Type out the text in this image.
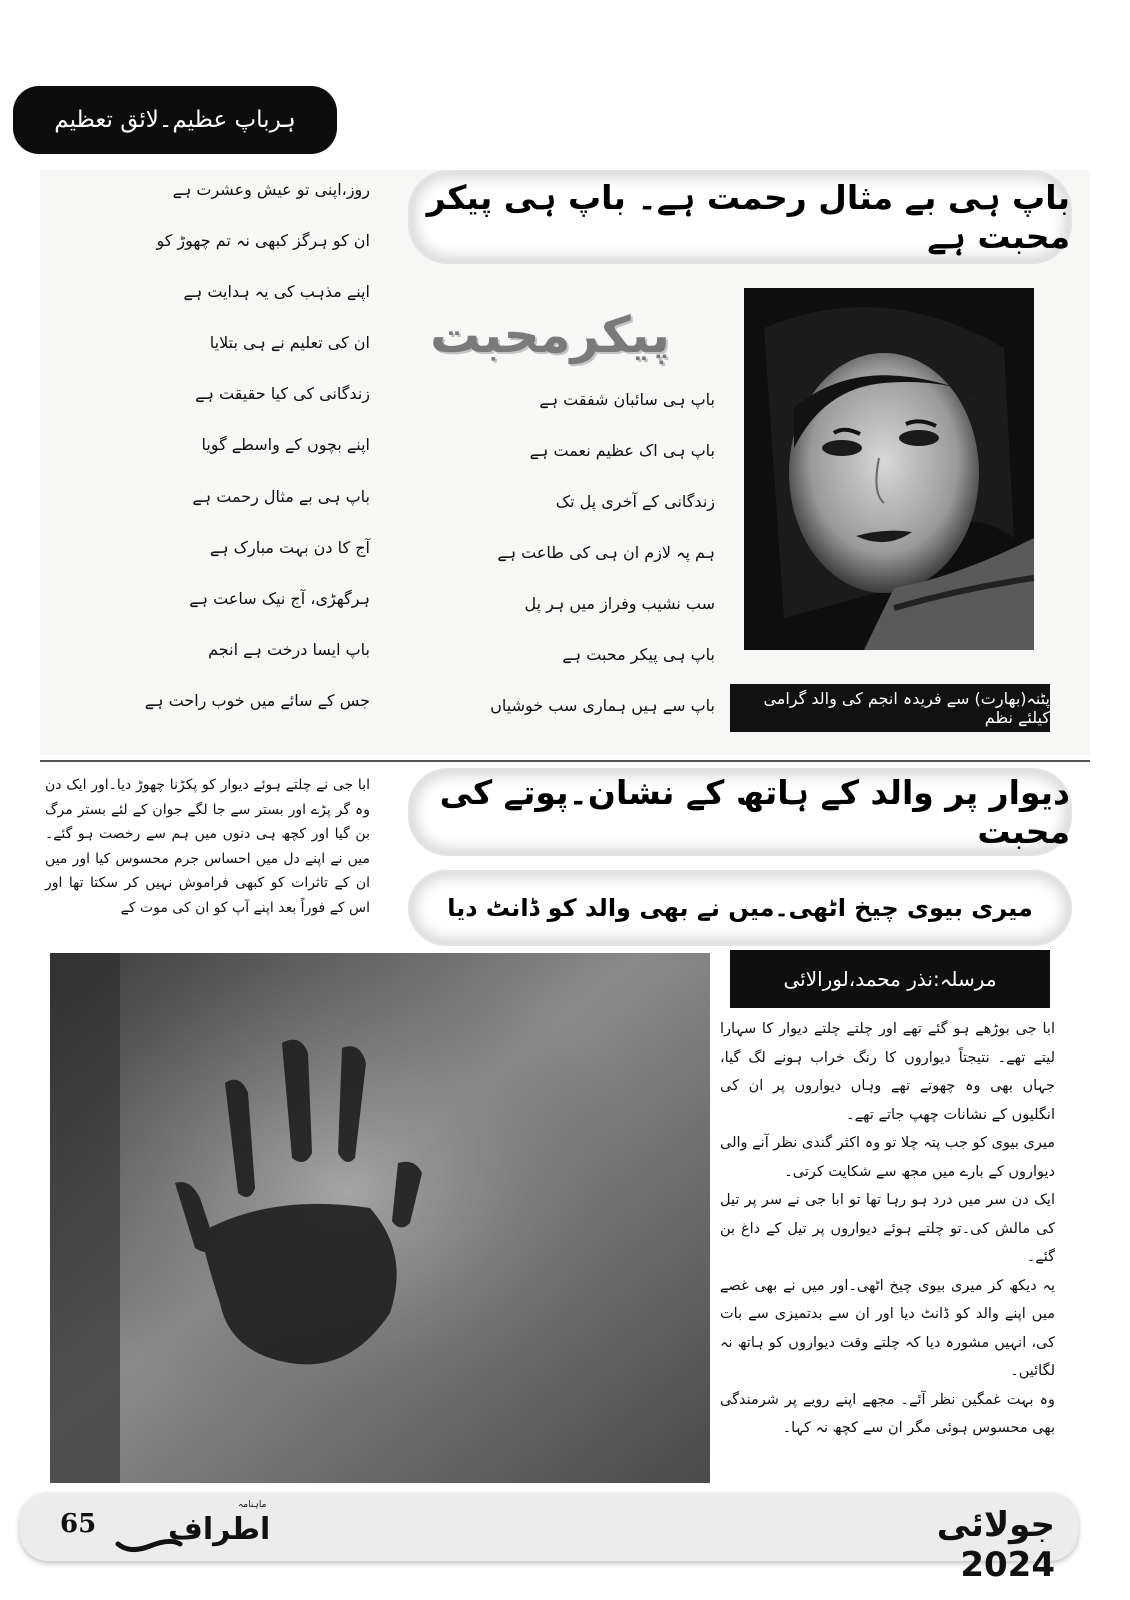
ہرباپ عظیم۔لائق تعظیم
باپ ہی بے مثال رحمت ہے۔ باپ ہی پیکر محبت ہے
پیکرمحبت
روز،اپنی تو عیش وعشرت ہے
ان کو ہرگز کبھی نہ تم چھوڑ کو
اپنے مذہب کی یہ ہدایت ہے
ان کی تعلیم نے ہی بتلایا
زندگانی کی کیا حقیقت ہے
اپنے بچوں کے واسطے گویا
باپ ہی بے مثال رحمت ہے
آج کا دن بہت مبارک ہے
ہرگھڑی، آج نیک ساعت ہے
باپ ایسا درخت ہے انجم
جس کے سائے میں خوب راحت ہے
باپ ہی سائبان شفقت ہے
باپ ہی اک عظیم نعمت ہے
زندگانی کے آخری پل تک
ہم پہ لازم ان ہی کی طاعت ہے
سب نشیب وفراز میں ہر پل
باپ ہی پیکر محبت ہے
باپ سے ہیں ہماری سب خوشیاں	پٹنہ(بھارت) سے فریدہ انجم کی والد گرامی کیلئے نظم
ابا جی نے چلتے ہوئے دیوار کو پکڑنا چھوڑ دیا۔اور ایک دن وہ گر پڑے اور بستر سے جا لگے جوان کے لئے بستر مرگ بن گیا اور کچھ ہی دنوں میں ہم سے رخصت ہو گئے۔ میں نے اپنے دل میں احساس جرم محسوس کیا اور میں ان کے تاثرات کو کبھی فراموش نہیں کر سکتا تھا اور اس کے فوراً بعد اپنے آپ کو ان کی موت کے
دیوار پر والد کے ہاتھ کے نشان۔پوتے کی محبت
میری بیوی چیخ اٹھی۔میں نے بھی والد کو ڈانٹ دیا
مرسلہ:نذر محمد،لورالائی

ابا جی بوڑھے ہو گئے تھے اور چلتے چلتے دیوار کا سہارا لیتے تھے۔ نتیجتاً دیواروں کا رنگ خراب ہونے لگ گیا، جہاں بھی وہ چھوتے تھے وہاں دیواروں پر ان کی انگلیوں کے نشانات چھپ جاتے تھے۔

میری بیوی کو جب پتہ چلا تو وہ اکثر گندی نظر آنے والی دیواروں کے بارے میں مجھ سے شکایت کرتی۔

ایک دن سر میں درد ہو رہا تھا تو ابا جی نے سر پر تیل کی مالش کی۔تو چلتے ہوئے دیواروں پر تیل کے داغ بن گئے۔

یہ دیکھ کر میری بیوی چیخ اٹھی۔اور میں نے بھی غصے میں اپنے والد کو ڈانٹ دیا اور ان سے بدتمیزی سے بات کی، انہیں مشورہ دیا کہ چلتے وقت دیواروں کو ہاتھ نہ لگائیں۔

وہ بہت غمگین نظر آئے۔ مجھے اپنے رویے پر شرمندگی بھی محسوس ہوئی مگر ان سے کچھ نہ کہا۔

65 اطراف
ماہنامہ	جولائی 2024
